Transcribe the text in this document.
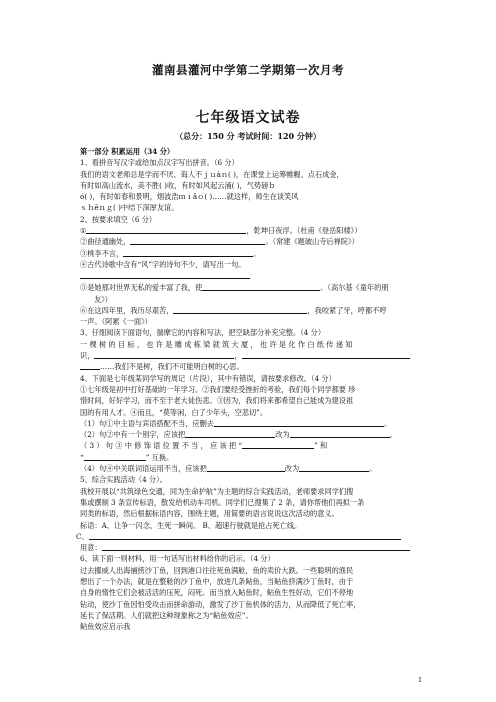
灌南县灌河中学第二学期第一次月考
七年级语文试卷
（总分：150 分 考试时间：120 分钟）

第一部分 积累运用（34 分）

1、看拼音写汉字或给加点汉字写出拼音。（6 分）

我们的语文老师总是学而不厌、诲人不ｊｕàｎ( )，在课堂上运筹帷幄、点石成金，

有时如高山流水，美不胜( )收，有时如风起云涌( )，气势磅ｂ

ó( )，有时如春和景明，烟波浩ｍｉǎｏ( )……就这样，师生在谈笑风

ｓｈēｎｇ( )中结下深厚友谊。

2、按要求填空（6 分）

①	，乾坤日夜浮。（杜甫《登岳阳楼》）

②曲径通幽处，	。（常建《题破山寺后禅院》）

③桃李不言，	。

④古代诗歌中含有“风”字的诗句不少，请写出一句。

⑤是她那对世界无私的爱丰富了我，使	。（高尔基《童年的朋

友》）

⑥在这四年里，我历尽艰苦，	，我咬紧了牙，哼都不哼

一声。（阿累《一面》）

3、仔细阅读下面语句，揣摩它的内容和写法，把空缺部分补充完整。（4 分）

一 棵 树 的 目 标 ， 也 许 是 雕 成 栋 梁 就 筑 大 厦 ， 也 许 是 化 作 白 纸 传 递 知

识，	，

……我们不是树，我们不可能明白树的心思。

4、下面是七年级某同学写的周记（片段），其中有错误，请按要求修改。（4 分）

①七年级是初中打好基础的一年学习。②我们要经受挫折的考验，我们每个同学都要 珍

惜时间，好好学习，而不至于老大徒伤悲。③因为，我们将来都希望自己能成为建设祖

国的有用人才。④而且，“莫等闲，白了少年头，空悲切”。

（1）句①中主语与宾语搭配不当，应删去	。

（2）句②中有一个别字，应该把	改为	。

（ 3 ） 句 ③ 中 修 饰 语 位 置 不 当 ， 应 该 把 “	” 和

“	” 互换。

（4）句④中关联词语运用不当，应该把	改为	。

5、综合实践活动（4 分）。

我校开展以“共筑绿色交通，同为生命护航”为主题的综合实践活动，老师要求同学们搜

集或撰制 3 条宣传标语，散发给机动车司机。同学们已搜集了 2 条，请你帮他们再拟一条

同类的标语，然后根据标语内容，围绕主题，用简要的语言说说这次活动的意义。

标语：A、让争一闪念，生死一瞬间。 B、超速行驶就是抢占死亡线。

C、

用意：

6、读下面一则材料，用一句话写出材料给你的启示。（4 分）

过去挪威人出海捕捞沙丁鱼，回到港口往往死鱼满舱，鱼的卖价大跌。一些聪明的渔民

想出了一个办法，就是在整舱的沙丁鱼中，放进几条鲇鱼，当鲇鱼挤满沙丁鱼时，由于

自身的惰性它们会被活活的压死，闷死。而当放入鲇鱼时，鲇鱼生性好动，它们不停地

钻动，使沙丁鱼因怕受攻击而拼命游动，激发了沙丁鱼机体的活力，从而降低了死亡率，

延长了保活期。人们就把这种现象称之为“鲇鱼效应”。

鲇鱼效应启示我

1
